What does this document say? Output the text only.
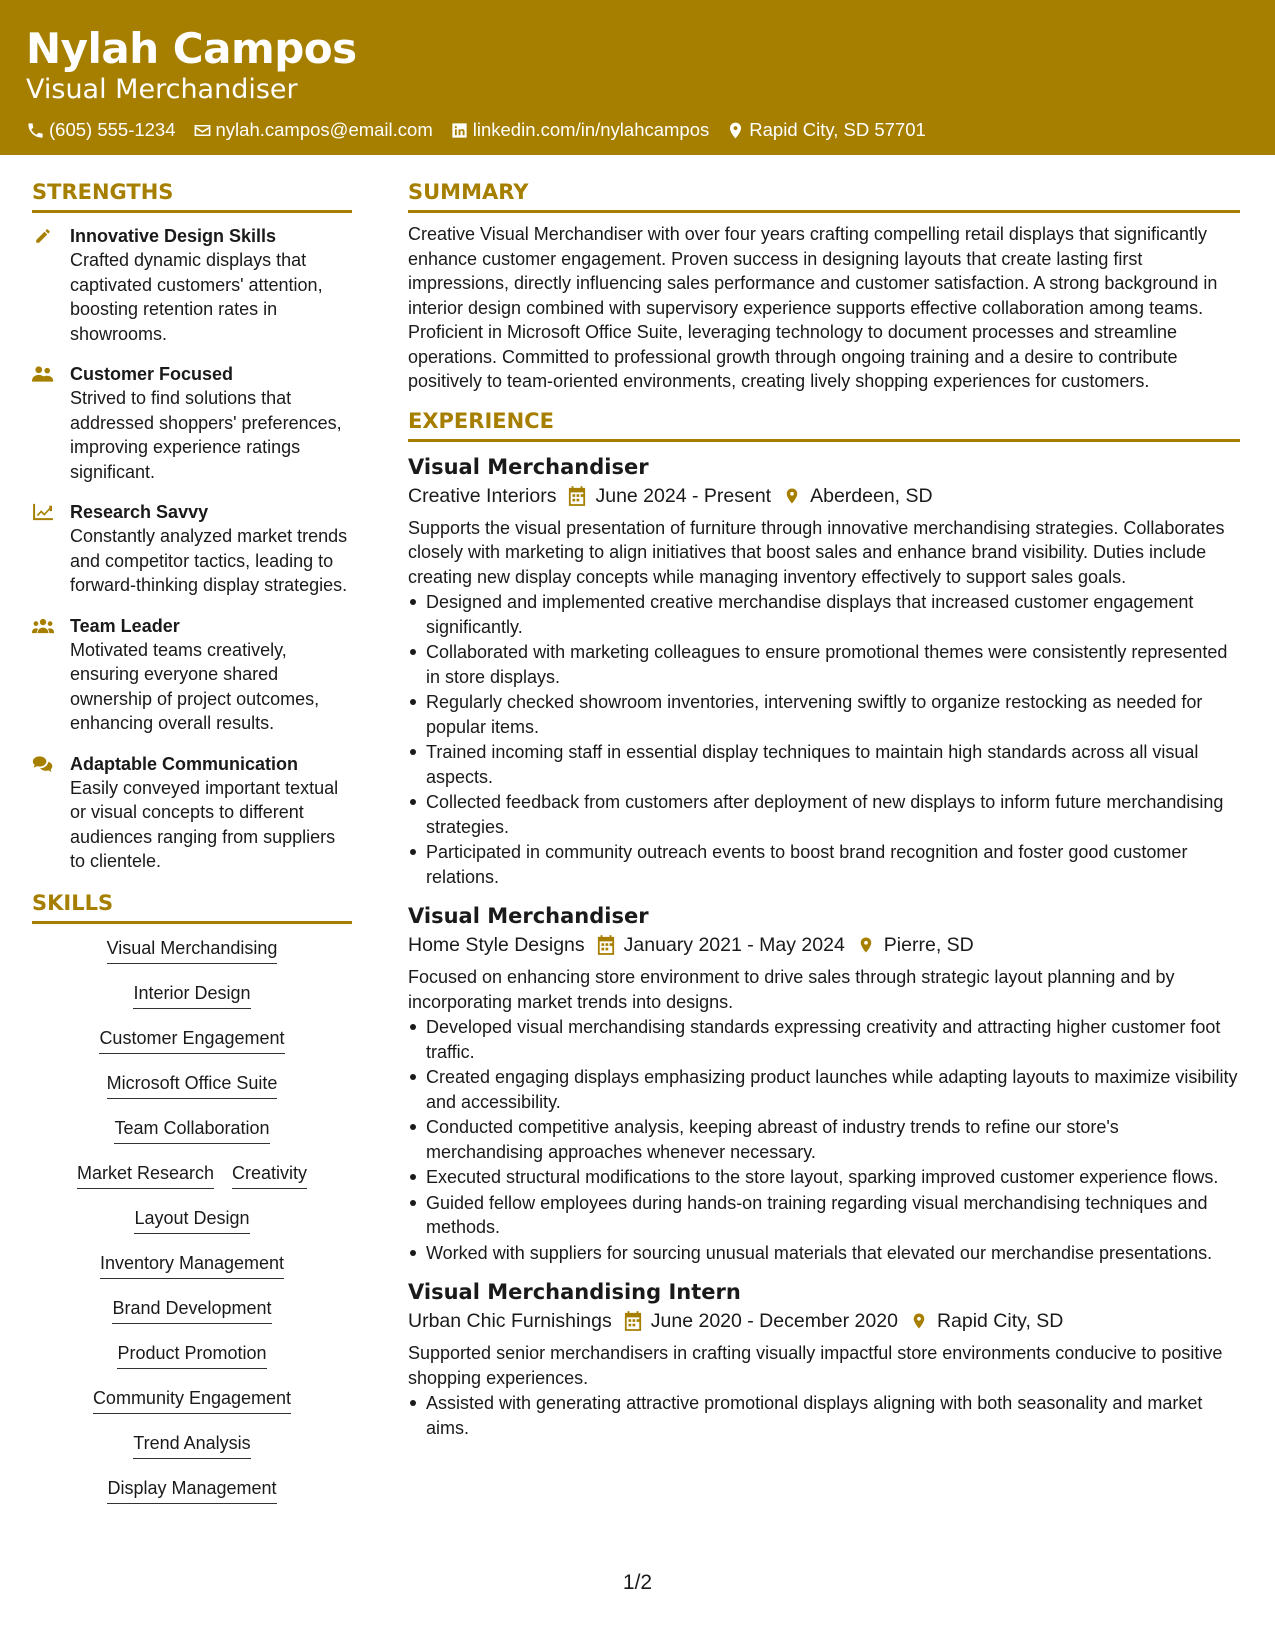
Nylah Campos
Visual Merchandiser
(605) 555-1234 nylah.campos@email.com linkedin.com/in/nylahcampos Rapid City, SD 57701
STRENGTHS
Innovative Design Skills
Crafted dynamic displays that captivated customers' attention, boosting retention rates in showrooms.
Customer Focused
Strived to find solutions that addressed shoppers' preferences, improving experience ratings significant.
Research Savvy
Constantly analyzed market trends and competitor tactics, leading to forward-thinking display strategies.
Team Leader
Motivated teams creatively, ensuring everyone shared ownership of project outcomes, enhancing overall results.
Adaptable Communication
Easily conveyed important textual or visual concepts to different audiences ranging from suppliers to clientele.
SKILLS
Visual Merchandising
Interior Design
Customer Engagement
Microsoft Office Suite
Team Collaboration
Market Research Creativity
Layout Design
Inventory Management
Brand Development
Product Promotion
Community Engagement
Trend Analysis
Display Management
SUMMARY

Creative Visual Merchandiser with over four years crafting compelling retail displays that significantly enhance customer engagement. Proven success in designing layouts that create lasting first impressions, directly influencing sales performance and customer satisfaction. A strong background in interior design combined with supervisory experience supports effective collaboration among teams. Proficient in Microsoft Office Suite, leveraging technology to document processes and streamline operations. Committed to professional growth through ongoing training and a desire to contribute positively to team-oriented environments, creating lively shopping experiences for customers.

EXPERIENCE
Visual Merchandiser
Creative Interiors June 2024 - Present Aberdeen, SD

Supports the visual presentation of furniture through innovative merchandising strategies. Collaborates closely with marketing to align initiatives that boost sales and enhance brand visibility. Duties include creating new display concepts while managing inventory effectively to support sales goals.

Designed and implemented creative merchandise displays that increased customer engagement significantly.
Collaborated with marketing colleagues to ensure promotional themes were consistently represented in store displays.
Regularly checked showroom inventories, intervening swiftly to organize restocking as needed for popular items.
Trained incoming staff in essential display techniques to maintain high standards across all visual aspects.
Collected feedback from customers after deployment of new displays to inform future merchandising strategies.
Participated in community outreach events to boost brand recognition and foster good customer relations.
Visual Merchandiser
Home Style Designs January 2021 - May 2024 Pierre, SD

Focused on enhancing store environment to drive sales through strategic layout planning and by incorporating market trends into designs.

Developed visual merchandising standards expressing creativity and attracting higher customer foot traffic.
Created engaging displays emphasizing product launches while adapting layouts to maximize visibility and accessibility.
Conducted competitive analysis, keeping abreast of industry trends to refine our store's merchandising approaches whenever necessary.
Executed structural modifications to the store layout, sparking improved customer experience flows.
Guided fellow employees during hands-on training regarding visual merchandising techniques and methods.
Worked with suppliers for sourcing unusual materials that elevated our merchandise presentations.
Visual Merchandising Intern
Urban Chic Furnishings June 2020 - December 2020 Rapid City, SD

Supported senior merchandisers in crafting visually impactful store environments conducive to positive shopping experiences.

Assisted with generating attractive promotional displays aligning with both seasonality and market aims.
1/2
